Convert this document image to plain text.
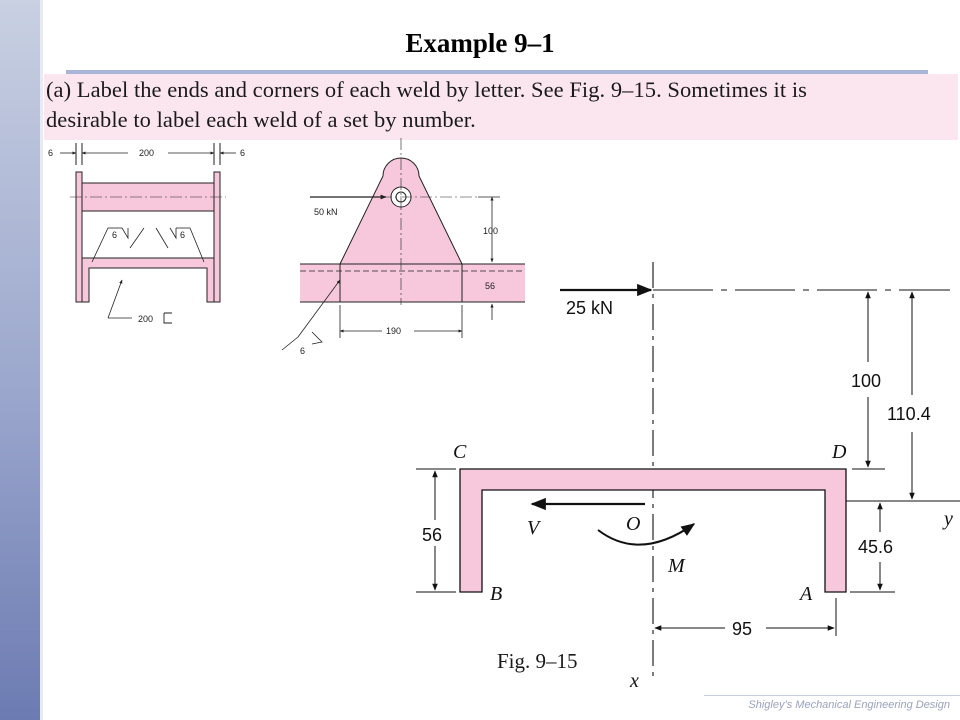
Example 9–1
(a) Label the ends and corners of each weld by letter. See Fig. 9–15. Sometimes it is
desirable to label each weld of a set by number.
6	200	6
6	6
200
50 kN
100
56
190
6
25 kN
V	O
M
C	D
B	A
y
x
100
110.4
45.6
56
95
Fig. 9–15
Shigley’s Mechanical Engineering Design
